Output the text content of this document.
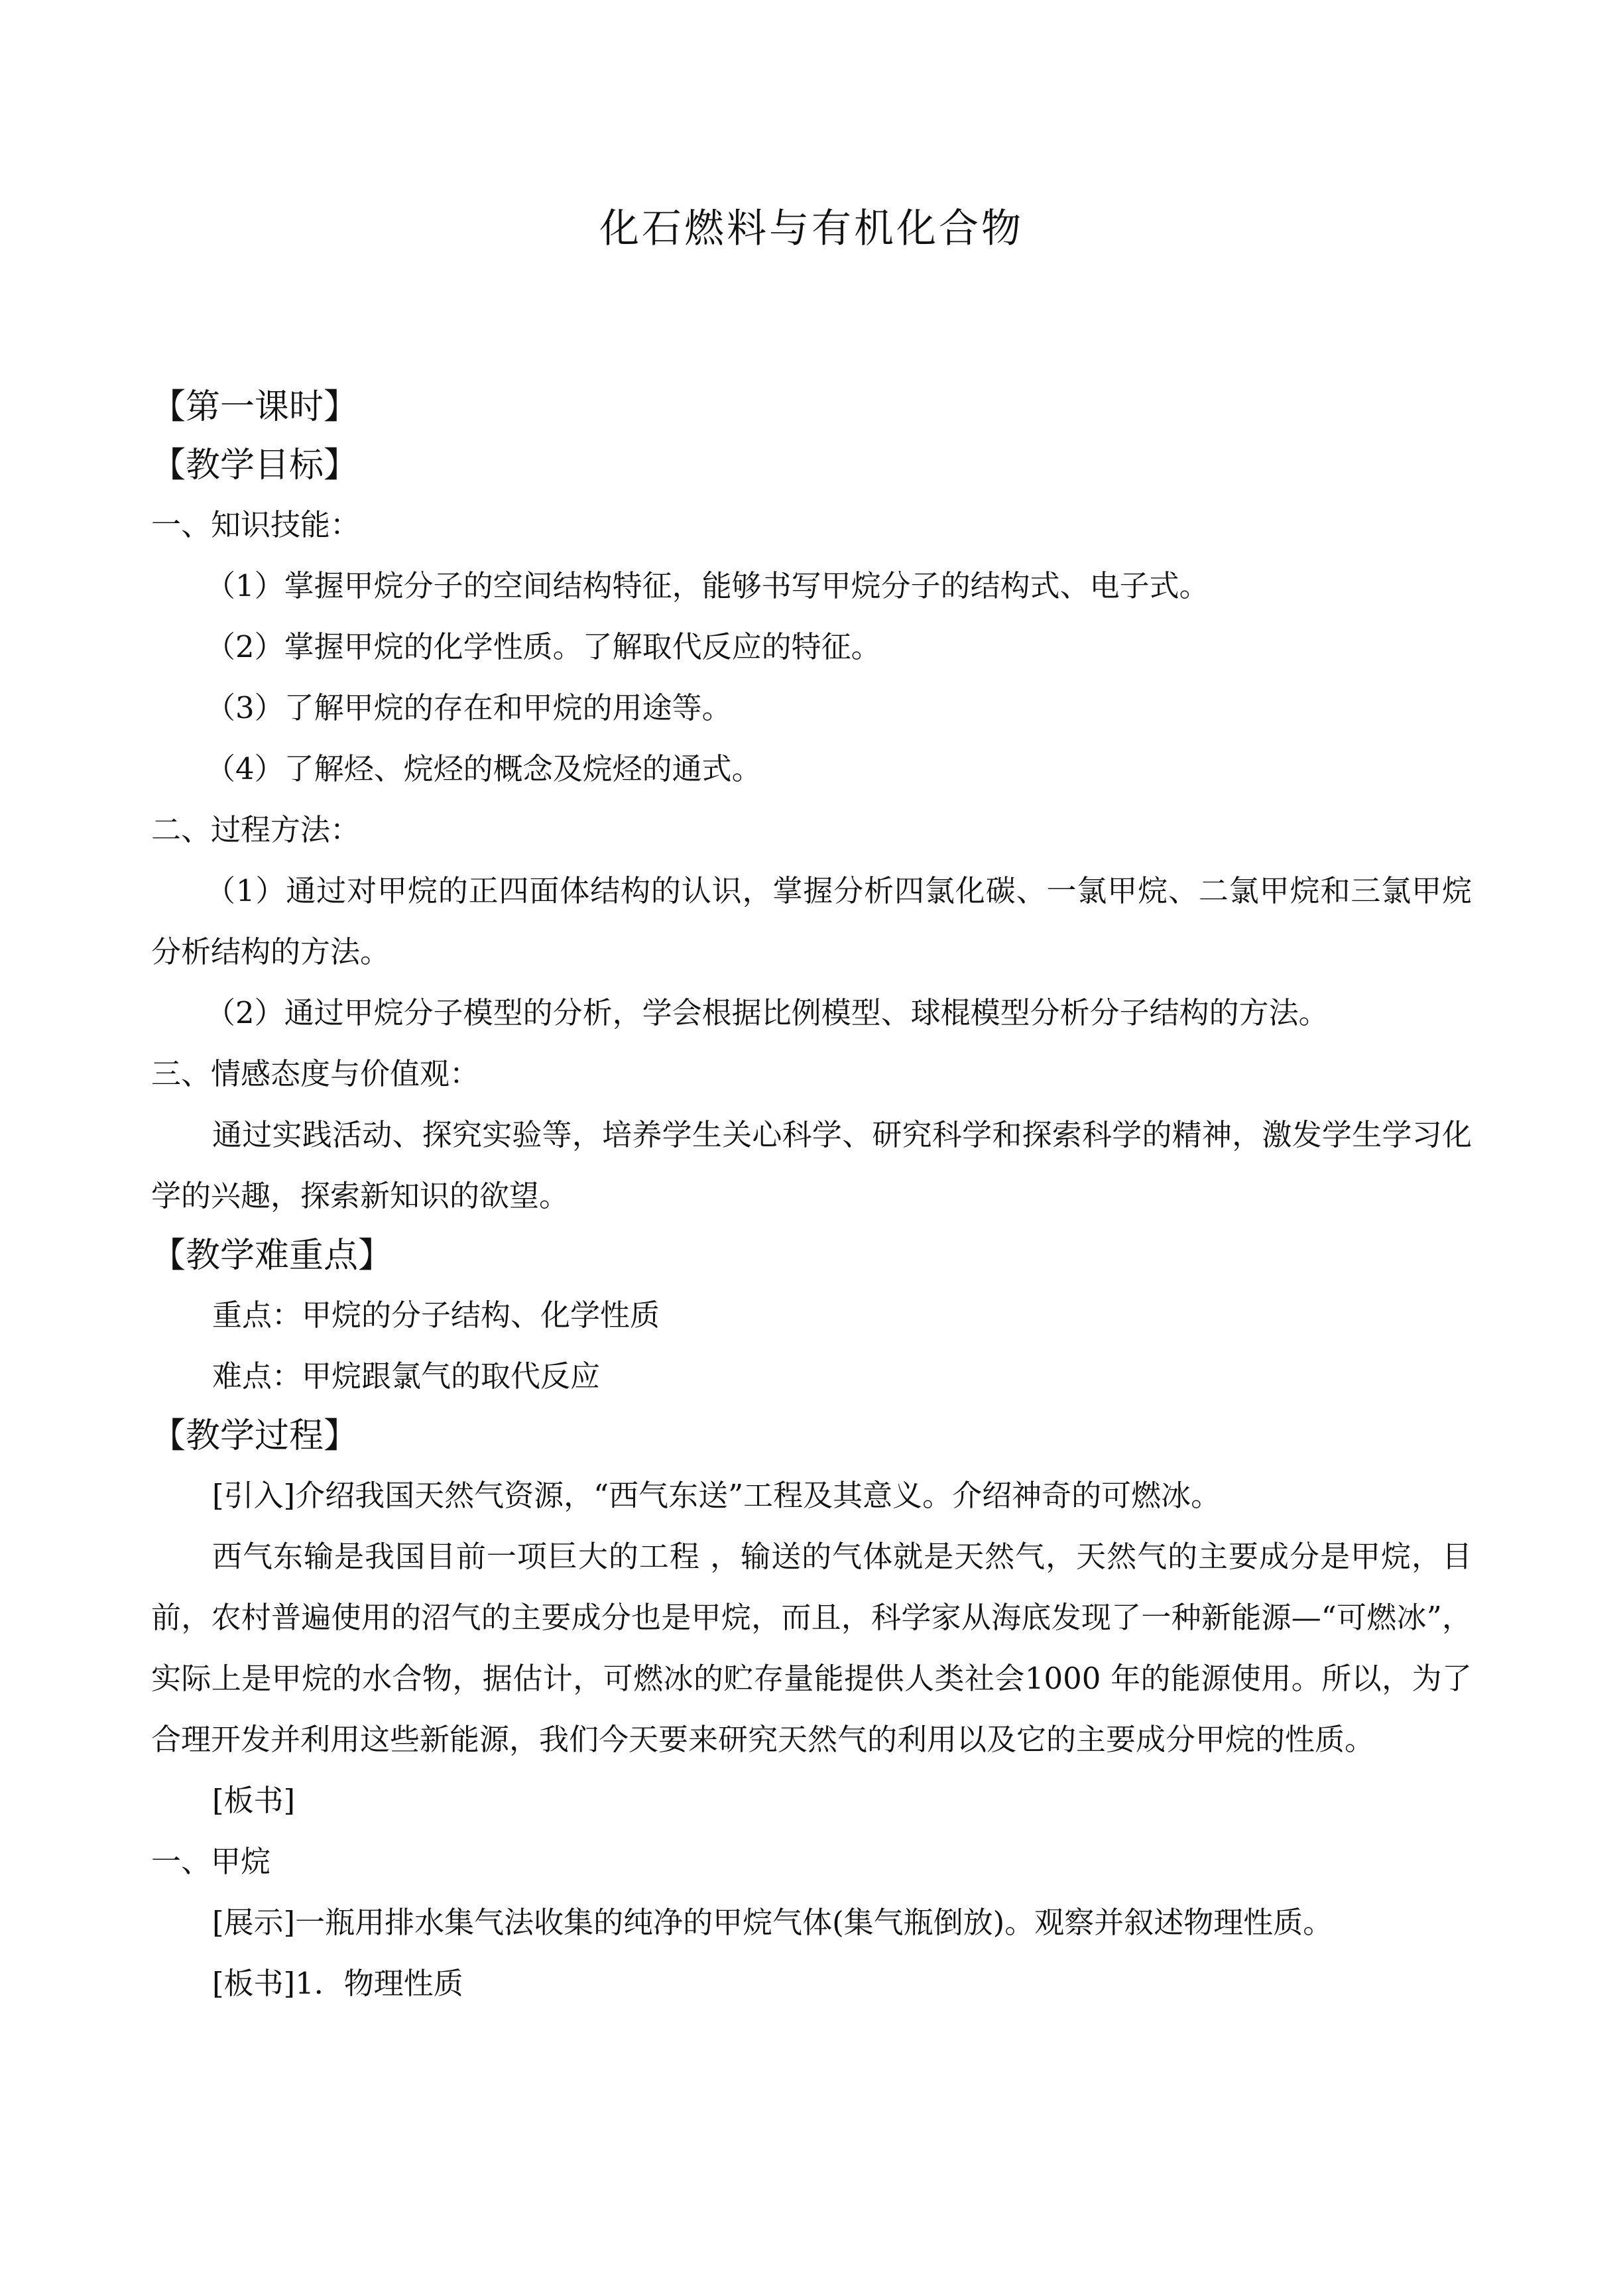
化石燃料与有机化合物

【第一课时】

【教学目标】

一、知识技能：

（1）掌握甲烷分子的空间结构特征，能够书写甲烷分子的结构式、电子式。

（2）掌握甲烷的化学性质。了解取代反应的特征。

（3）了解甲烷的存在和甲烷的用途等。

（4）了解烃、烷烃的概念及烷烃的通式。

二、过程方法：

（1）通过对甲烷的正四面体结构的认识，掌握分析四氯化碳、一氯甲烷、二氯甲烷和三氯甲烷分析结构的方法。

（2）通过甲烷分子模型的分析，学会根据比例模型、球棍模型分析分子结构的方法。

三、情感态度与价值观：

通过实践活动、探究实验等，培养学生关心科学、研究科学和探索科学的精神，激发学生学习化学的兴趣，探索新知识的欲望。

【教学难重点】

重点：甲烷的分子结构、化学性质

难点：甲烷跟氯气的取代反应

【教学过程】

[引入]介绍我国天然气资源，“西气东送”工程及其意义。介绍神奇的可燃冰。

西气东输是我国目前一项巨大的工程 ，输送的气体就是天然气，天然气的主要成分是甲烷，目前，农村普遍使用的沼气的主要成分也是甲烷，而且，科学家从海底发现了一种新能源—“可燃冰”，实际上是甲烷的水合物，据估计，可燃冰的贮存量能提供人类社会1000 年的能源使用。所以，为了合理开发并利用这些新能源，我们今天要来研究天然气的利用以及它的主要成分甲烷的性质。

[板书]

一、甲烷

[展示]一瓶用排水集气法收集的纯净的甲烷气体(集气瓶倒放)。观察并叙述物理性质。

[板书]1．物理性质
